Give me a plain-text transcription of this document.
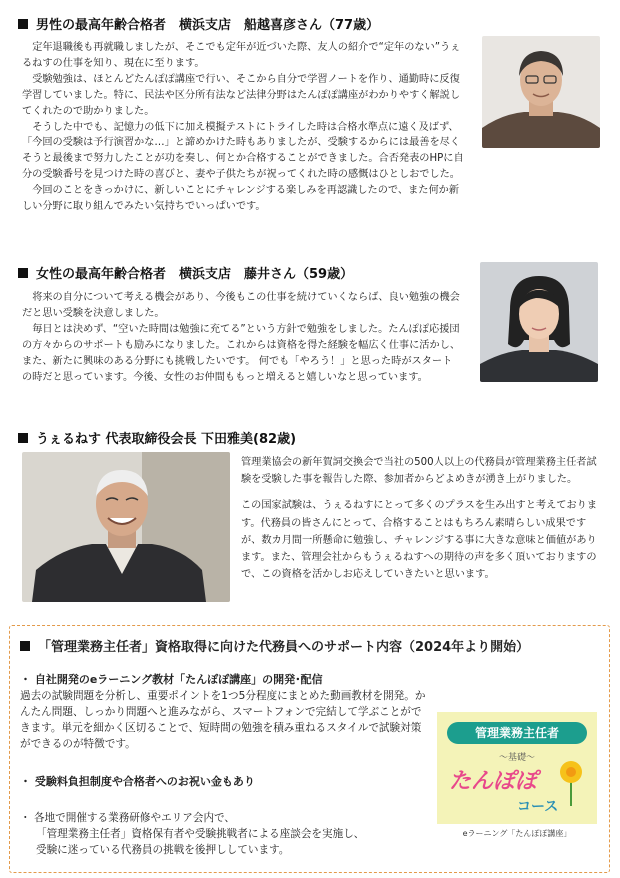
男性の最高年齢合格者　横浜支店　船越喜彦さん（77歳）

定年退職後も再就職しましたが、そこでも定年が近づいた際、友人の紹介で“定年のない”うぇるねすの仕事を知り、現在に至ります。

受験勉強は、ほとんどたんぽぽ講座で行い、そこから自分で学習ノートを作り、通勤時に反復学習していました。特に、民法や区分所有法など法律分野はたんぽぽ講座がわかりやすく解説してくれたので助かりました。

そうした中でも、記憶力の低下に加え模擬テストにトライした時は合格水準点に遠く及ばず、「今回の受験は予行演習かな…」と諦めかけた時もありましたが、受験するからには最善を尽くそうと最後まで努力したことが功を奏し、何とか合格することができました。合否発表のHPに自分の受験番号を見つけた時の喜びと、妻や子供たちが祝ってくれた時の感慨はひとしおでした。

今回のことをきっかけに、新しいことにチャレンジする楽しみを再認識したので、また何か新しい分野に取り組んでみたい気持ちでいっぱいです。

女性の最高年齢合格者　横浜支店　藤井さん（59歳）

将来の自分について考える機会があり、今後もこの仕事を続けていくならば、良い勉強の機会だと思い受験を決意しました。

毎日とは決めず、“空いた時間は勉強に充てる”という方針で勉強をしました。たんぽぽ応援団の方々からのサポートも励みになりました。これからは資格を得た経験を幅広く仕事に活かし、 また、新たに興味のある分野にも挑戦したいです。 何でも「やろう！」と思った時がスタートの時だと思っています。今後、女性のお仲間ももっと増えると嬉しいなと思っています。

うぇるねす 代表取締役会長 下田雅美(82歳)

管理業協会の新年賀詞交換会で当社の500人以上の代務員が管理業務主任者試験を受験した事を報告した際、参加者からどよめきが湧き上がりました。

この国家試験は、うぇるねすにとって多くのプラスを生み出すと考えております。代務員の皆さんにとって、合格することはもちろん素晴らしい成果ですが、数カ月間一所懸命に勉強し、チャレンジする事に大きな意味と価値があります。また、管理会社からもうぇるねすへの期待の声を多く頂いておりますので、この資格を活かしお応えしていきたいと思います。

「管理業務主任者」資格取得に向けた代務員へのサポート内容（2024年より開始）
・ 自社開発のeラーニング教材「たんぽぽ講座」の開発･配信

過去の試験問題を分析し、重要ポイントを1つ5分程度にまとめた動画教材を開発。かんたん問題、しっかり問題へと進みながら、スマートフォンで完結して学ぶことができます。単元を細かく区切ることで、短時間の勉強を積み重ねるスタイルで試験対策ができるのが特徴です。

・ 受験料負担制度や合格者へのお祝い金もあり

・ 各地で開催する業務研修やエリア会内で、

「管理業務主任者」資格保有者や受験挑戦者による座談会を実施し、

受験に迷っている代務員の挑戦を後押ししています。

管理業務主任者
～基礎～
たんぽぽ
コース
eラーニング「たんぽぽ講座」
